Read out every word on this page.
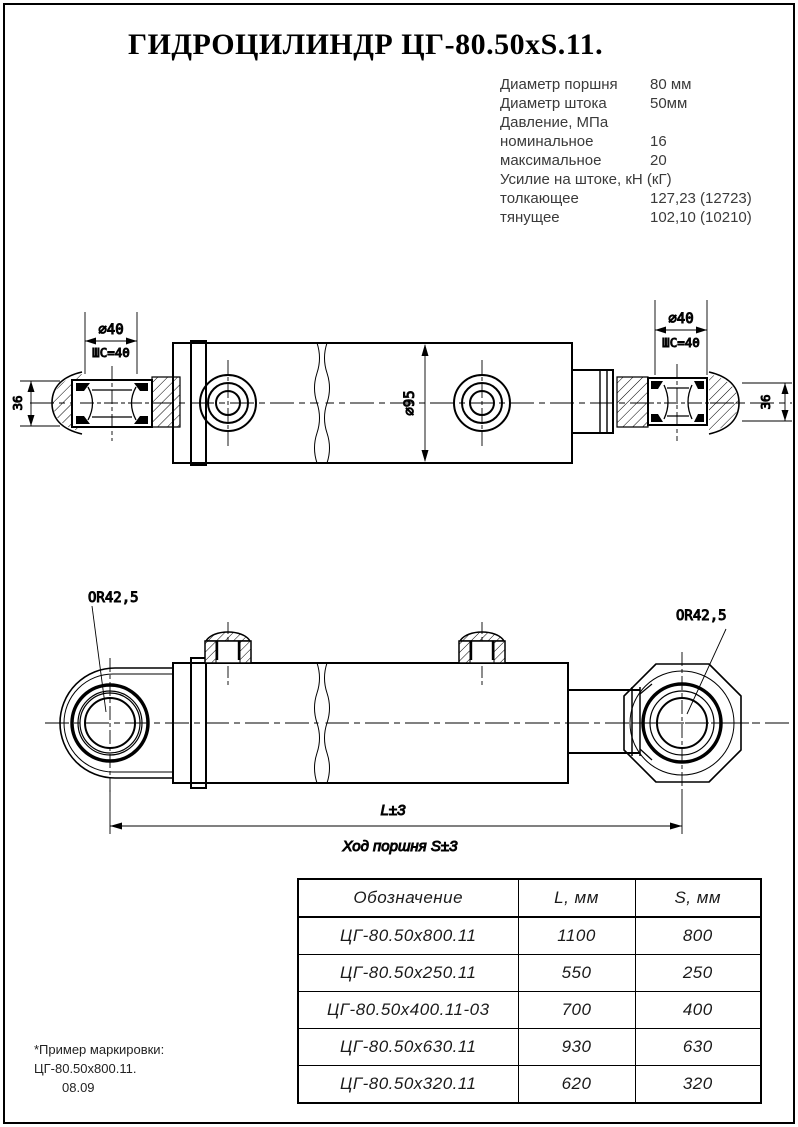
ГИДРОЦИЛИНДР ЦГ-80.50xS.11.
Диаметр поршня 80 мм
Диаметр штока	50мм
Давление, МПа
номинальное	16
максимальное	20
Усилие на штоке, кН (кГ)
толкающее	127,23 (12723)
тянущее	102,10 (10210)
⌀40
ШС=40
36	⌀95
⌀40
ШС=40
36
OR42,5
OR42,5
L±3
Ход поршня S±3
Обозначение	L, мм	S, мм
ЦГ-80.50x800.11	1100	800
ЦГ-80.50x250.11	550	250
ЦГ-80.50x400.11-03	700	400
ЦГ-80.50x630.11	930	630
ЦГ-80.50x320.11	620	320
*Пример маркировки:
ЦГ-80.50x800.11.
08.09
